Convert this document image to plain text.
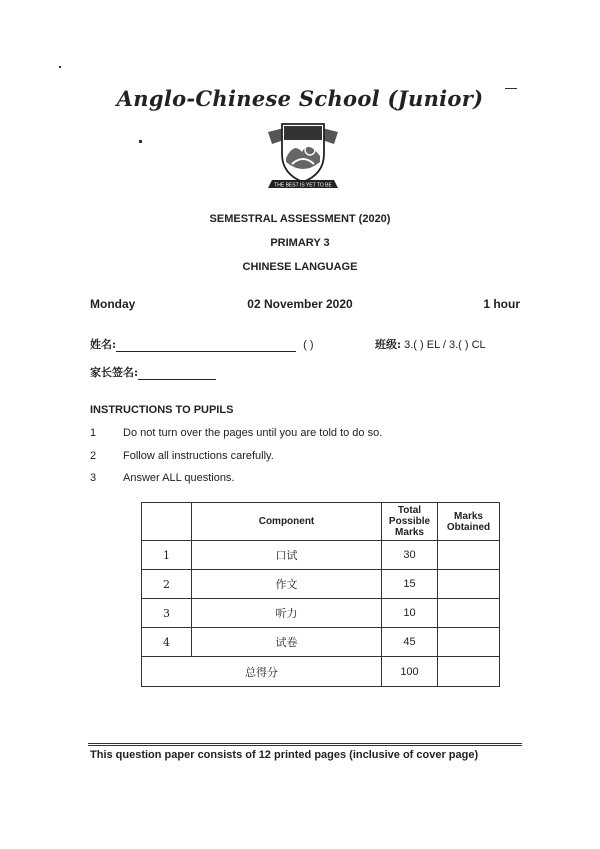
Anglo-Chinese School (Junior)
THE BEST IS YET TO BE
SEMESTRAL ASSESSMENT (2020)
PRIMARY 3
CHINESE LANGUAGE
Monday	02 November 2020	1 hour
姓名:	( )	班级: 3.( ) EL / 3.( ) CL
家长签名:
INSTRUCTIONS TO PUPILS
1 Do not turn over the pages until you are told to do so.
2 Follow all instructions carefully.
3 Answer ALL questions.
	Component	Total Possible Marks	Marks Obtained
1	口试	30	
2	作文	15	
3	听力	10	
4	试卷	45	
总得分		100	
This question paper consists of 12 printed pages (inclusive of cover page)
